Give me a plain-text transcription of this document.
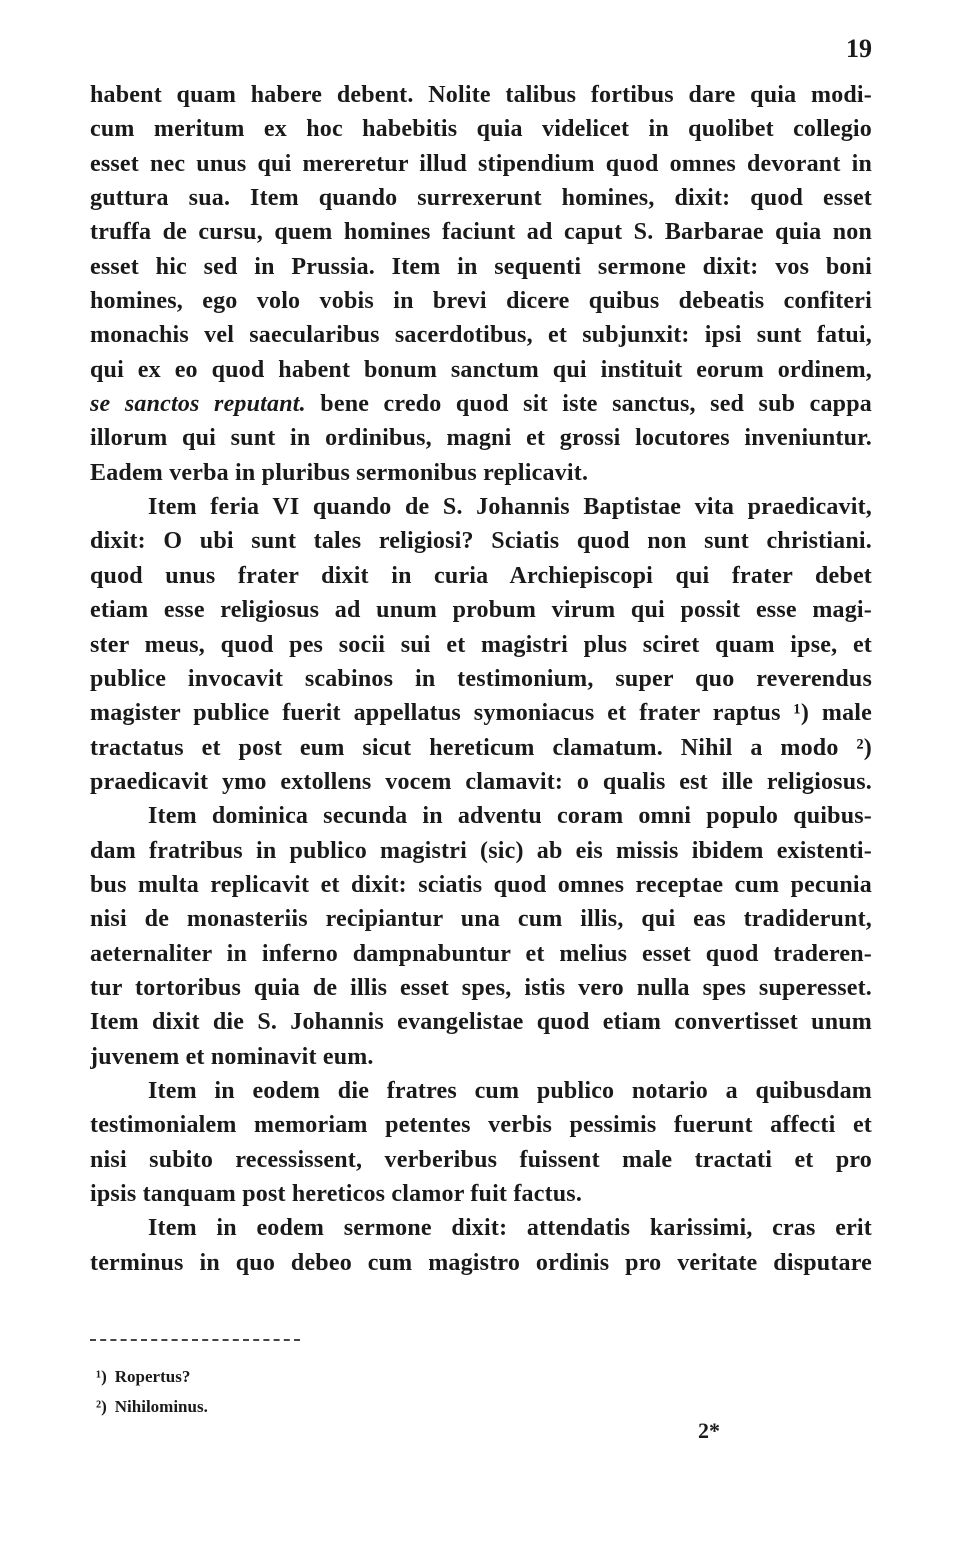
19

habent quam habere debent. Nolite talibus fortibus dare quia modi-
cum meritum ex hoc habebitis quia videlicet in quolibet collegio
esset nec unus qui mereretur illud stipendium quod omnes devorant in
guttura sua. Item quando surrexerunt homines, dixit: quod esset
truffa de cursu, quem homines faciunt ad caput S. Barbarae quia non
esset hic sed in Prussia. Item in sequenti sermone dixit: vos boni
homines, ego volo vobis in brevi dicere quibus debeatis confiteri
monachis vel saecularibus sacerdotibus, et subjunxit: ipsi sunt fatui,
qui ex eo quod habent bonum sanctum qui instituit eorum ordinem,
se sanctos reputant. bene credo quod sit iste sanctus, sed sub cappa
illorum qui sunt in ordinibus, magni et grossi locutores inveniuntur.
Eadem verba in pluribus sermonibus replicavit.
Item feria VI quando de S. Johannis Baptistae vita praedicavit,
dixit: O ubi sunt tales religiosi? Sciatis quod non sunt christiani.
quod unus frater dixit in curia Archiepiscopi qui frater debet
etiam esse religiosus ad unum probum virum qui possit esse magi-
ster meus, quod pes socii sui et magistri plus sciret quam ipse, et
publice invocavit scabinos in testimonium, super quo reverendus
magister publice fuerit appellatus symoniacus et frater raptus ¹) male
tractatus et post eum sicut hereticum clamatum. Nihil a modo ²)
praedicavit ymo extollens vocem clamavit: o qualis est ille religiosus.
Item dominica secunda in adventu coram omni populo quibus-
dam fratribus in publico magistri (sic) ab eis missis ibidem existenti-
bus multa replicavit et dixit: sciatis quod omnes receptae cum pecunia
nisi de monasteriis recipiantur una cum illis, qui eas tradiderunt,
aeternaliter in inferno dampnabuntur et melius esset quod traderen-
tur tortoribus quia de illis esset spes, istis vero nulla spes superesset.
Item dixit die S. Johannis evangelistae quod etiam convertisset unum
juvenem et nominavit eum.
Item in eodem die fratres cum publico notario a quibusdam
testimonialem memoriam petentes verbis pessimis fuerunt affecti et
nisi subito recessissent, verberibus fuissent male tractati et pro
ipsis tanquam post hereticos clamor fuit factus.
Item in eodem sermone dixit: attendatis karissimi, cras erit
terminus in quo debeo cum magistro ordinis pro veritate disputare
¹) Ropertus?
²) Nihilominus.

2*
